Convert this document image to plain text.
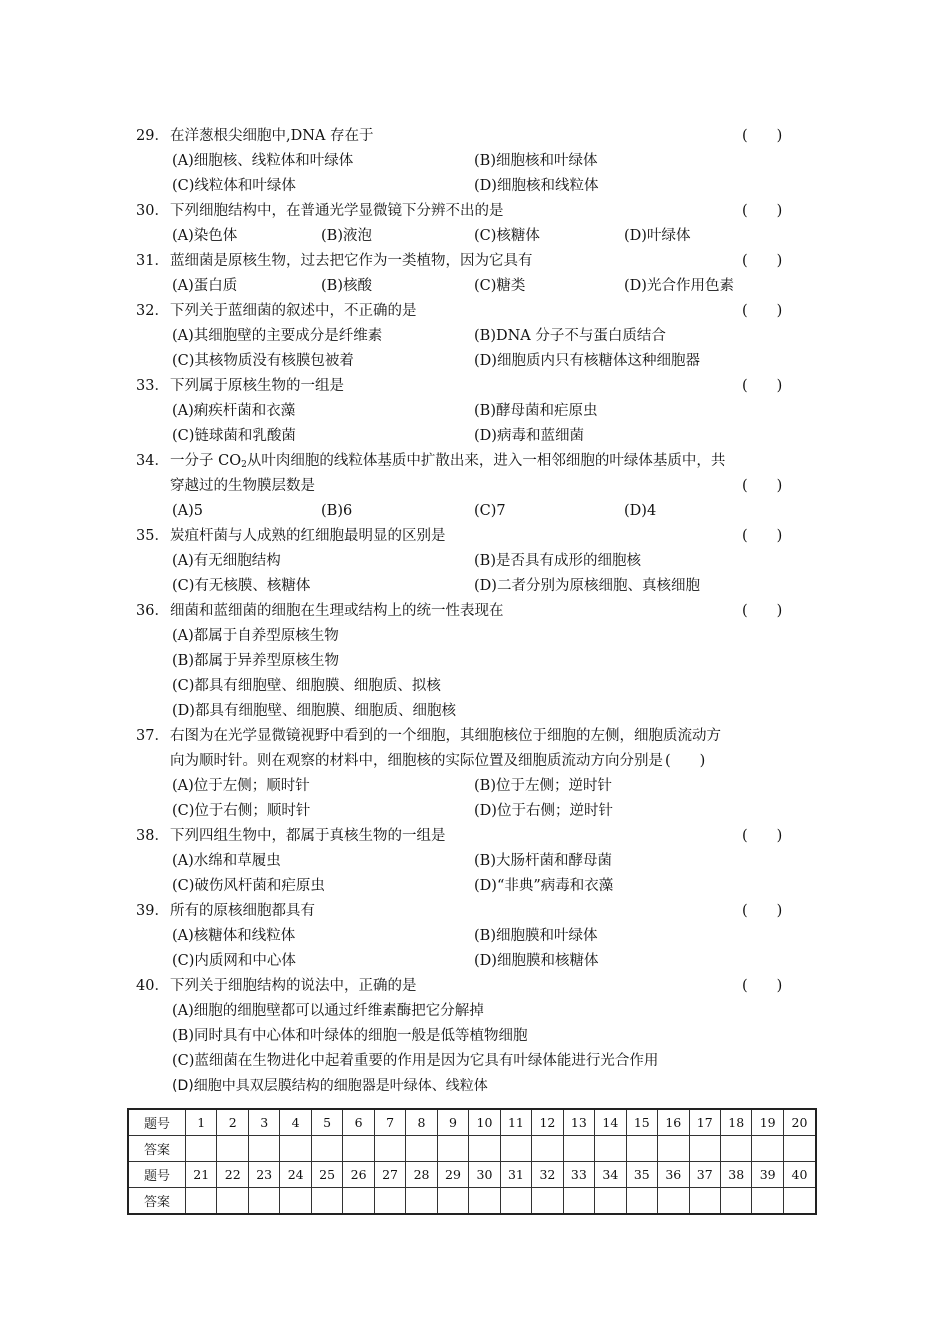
29． 在洋葱根尖细胞中,DNA 存在于	(　　)
(A)细胞核、线粒体和叶绿体	(B)细胞核和叶绿体
(C)线粒体和叶绿体	(D)细胞核和线粒体
30． 下列细胞结构中，在普通光学显微镜下分辨不出的是	(　　)
(A)染色体	(B)液泡	(C)核糖体	(D)叶绿体
31． 蓝细菌是原核生物，过去把它作为一类植物，因为它具有	(　　)
(A)蛋白质	(B)核酸	(C)糖类	(D)光合作用色素
32． 下列关于蓝细菌的叙述中，不正确的是	(　　)
(A)其细胞壁的主要成分是纤维素	(B)DNA 分子不与蛋白质结合
(C)其核物质没有核膜包被着	(D)细胞质内只有核糖体这种细胞器
33． 下列属于原核生物的一组是	(　　)
(A)痢疾杆菌和衣藻	(B)酵母菌和疟原虫
(C)链球菌和乳酸菌	(D)病毒和蓝细菌
34． 一分子 $CO_2$从叶肉细胞的线粒体基质中扩散出来，进入一相邻细胞的叶绿体基质中，共
穿越过的生物膜层数是	(　　)
(A)5	(B)6	(C)7	(D)4
35． 炭疽杆菌与人成熟的红细胞最明显的区别是	(　　)
(A)有无细胞结构	(B)是否具有成形的细胞核
(C)有无核膜、核糖体	(D)二者分别为原核细胞、真核细胞
36． 细菌和蓝细菌的细胞在生理或结构上的统一性表现在	(　　)
(A)都属于自养型原核生物
(B)都属于异养型原核生物
(C)都具有细胞壁、细胞膜、细胞质、拟核
(D)都具有细胞壁、细胞膜、细胞质、细胞核
37． 右图为在光学显微镜视野中看到的一个细胞，其细胞核位于细胞的左侧，细胞质流动方
向为顺时针。则在观察的材料中，细胞核的实际位置及细胞质流动方向分别是 (　　)
(A)位于左侧；顺时针	(B)位于左侧；逆时针
(C)位于右侧；顺时针	(D)位于右侧；逆时针
38． 下列四组生物中，都属于真核生物的一组是	(　　)
(A)水绵和草履虫	(B)大肠杆菌和酵母菌
(C)破伤风杆菌和疟原虫	(D)“非典”病毒和衣藻
39． 所有的原核细胞都具有	(　　)
(A)核糖体和线粒体	(B)细胞膜和叶绿体
(C)内质网和中心体	(D)细胞膜和核糖体
40． 下列关于细胞结构的说法中，正确的是	(　　)
(A)细胞的细胞壁都可以通过纤维素酶把它分解掉
(B)同时具有中心体和叶绿体的细胞一般是低等植物细胞
(C)蓝细菌在生物进化中起着重要的作用是因为它具有叶绿体能进行光合作用
(D)细胞中具双层膜结构的细胞器是叶绿体、线粒体
题号	1	2	3	4	5	6	7	8	9	10	11	12	13	14	15	16	17	18	19	20
答案																				
题号	21	22	23	24	25	26	27	28	29	30	31	32	33	34	35	36	37	38	39	40
答案																				
